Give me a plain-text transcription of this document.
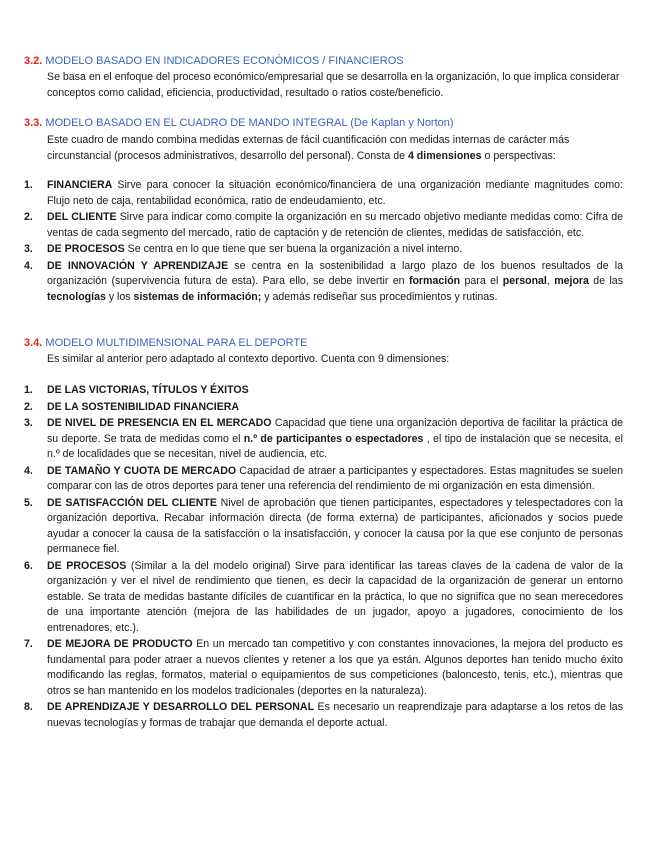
3.2. MODELO BASADO EN INDICADORES ECONÓMICOS / FINANCIEROS
Se basa en el enfoque del proceso económico/empresarial que se desarrolla en la organización, lo que implica considerar conceptos como calidad, eficiencia, productividad, resultado o ratios coste/beneficio.
3.3. MODELO BASADO EN EL CUADRO DE MANDO INTEGRAL (De Kaplan y Norton)
Este cuadro de mando combina medidas externas de fácil cuantificación con medidas internas de carácter más circunstancial (procesos administrativos, desarrollo del personal). Consta de 4 dimensiones o perspectivas:
1. FINANCIERA Sirve para conocer la situación económico/financiera de una organización mediante magnitudes como: Flujo neto de caja, rentabilidad económica, ratio de endeudamiento, etc.
2. DEL CLIENTE Sirve para indicar como compite la organización en su mercado objetivo mediante medidas como: Cifra de ventas de cada segmento del mercado, ratio de captación y de retención de clientes, medidas de satisfacción, etc.
3. DE PROCESOS Se centra en lo que tiene que ser buena la organización a nivel interno.
4. DE INNOVACIÓN Y APRENDIZAJE se centra en la sostenibilidad a largo plazo de los buenos resultados de la organización (supervivencia futura de esta). Para ello, se debe invertir en formación para el personal, mejora de las tecnologías y los sistemas de información; y además rediseñar sus procedimientos y rutinas.
3.4. MODELO MULTIDIMENSIONAL PARA EL DEPORTE
Es similar al anterior pero adaptado al contexto deportivo. Cuenta con 9 dimensiones:
1. DE LAS VICTORIAS, TÍTULOS Y ÉXITOS
2. DE LA SOSTENIBILIDAD FINANCIERA
3. DE NIVEL DE PRESENCIA EN EL MERCADO Capacidad que tiene una organización deportiva de facilitar la práctica de su deporte. Se trata de medidas como el n.º de participantes o espectadores , el tipo de instalación que se necesita, el n.º de localidades que se necesitan, nivel de audiencia, etc.
4. DE TAMAÑO Y CUOTA DE MERCADO Capacidad de atraer a participantes y espectadores. Estas magnitudes se suelen comparar con las de otros deportes para tener una referencia del rendimiento de mi organización en esta dimensión.
5. DE SATISFACCIÓN DEL CLIENTE Nivel de aprobación que tienen participantes, espectadores y telespectadores con la organización deportiva. Recabar información directa (de forma externa) de participantes, aficionados y socios puede ayudar a conocer la causa de la satisfacción o la insatisfacción, y conocer la causa por la que ese conjunto de personas permanece fiel.
6. DE PROCESOS (Similar a la del modelo original) Sirve para identificar las tareas claves de la cadena de valor de la organización y ver el nivel de rendimiento que tienen, es decir la capacidad de la organización de generar un entorno estable. Se trata de medidas bastante difíciles de cuantificar en la práctica, lo que no significa que no sean merecedores de una importante atención (mejora de las habilidades de un jugador, apoyo a jugadores, conocimiento de los entrenadores, etc.).
7. DE MEJORA DE PRODUCTO En un mercado tan competitivo y con constantes innovaciones, la mejora del producto es fundamental para poder atraer a nuevos clientes y retener a los que ya están. Algunos deportes han tenido mucho éxito modificando las reglas, formatos, material o equipamientos de sus competiciones (baloncesto, tenis, etc.), mientras que otros se han mantenido en los modelos tradicionales (deportes en la naturaleza).
8. DE APRENDIZAJE Y DESARROLLO DEL PERSONAL Es necesario un reaprendizaje para adaptarse a los retos de las nuevas tecnologías y formas de trabajar que demanda el deporte actual.
